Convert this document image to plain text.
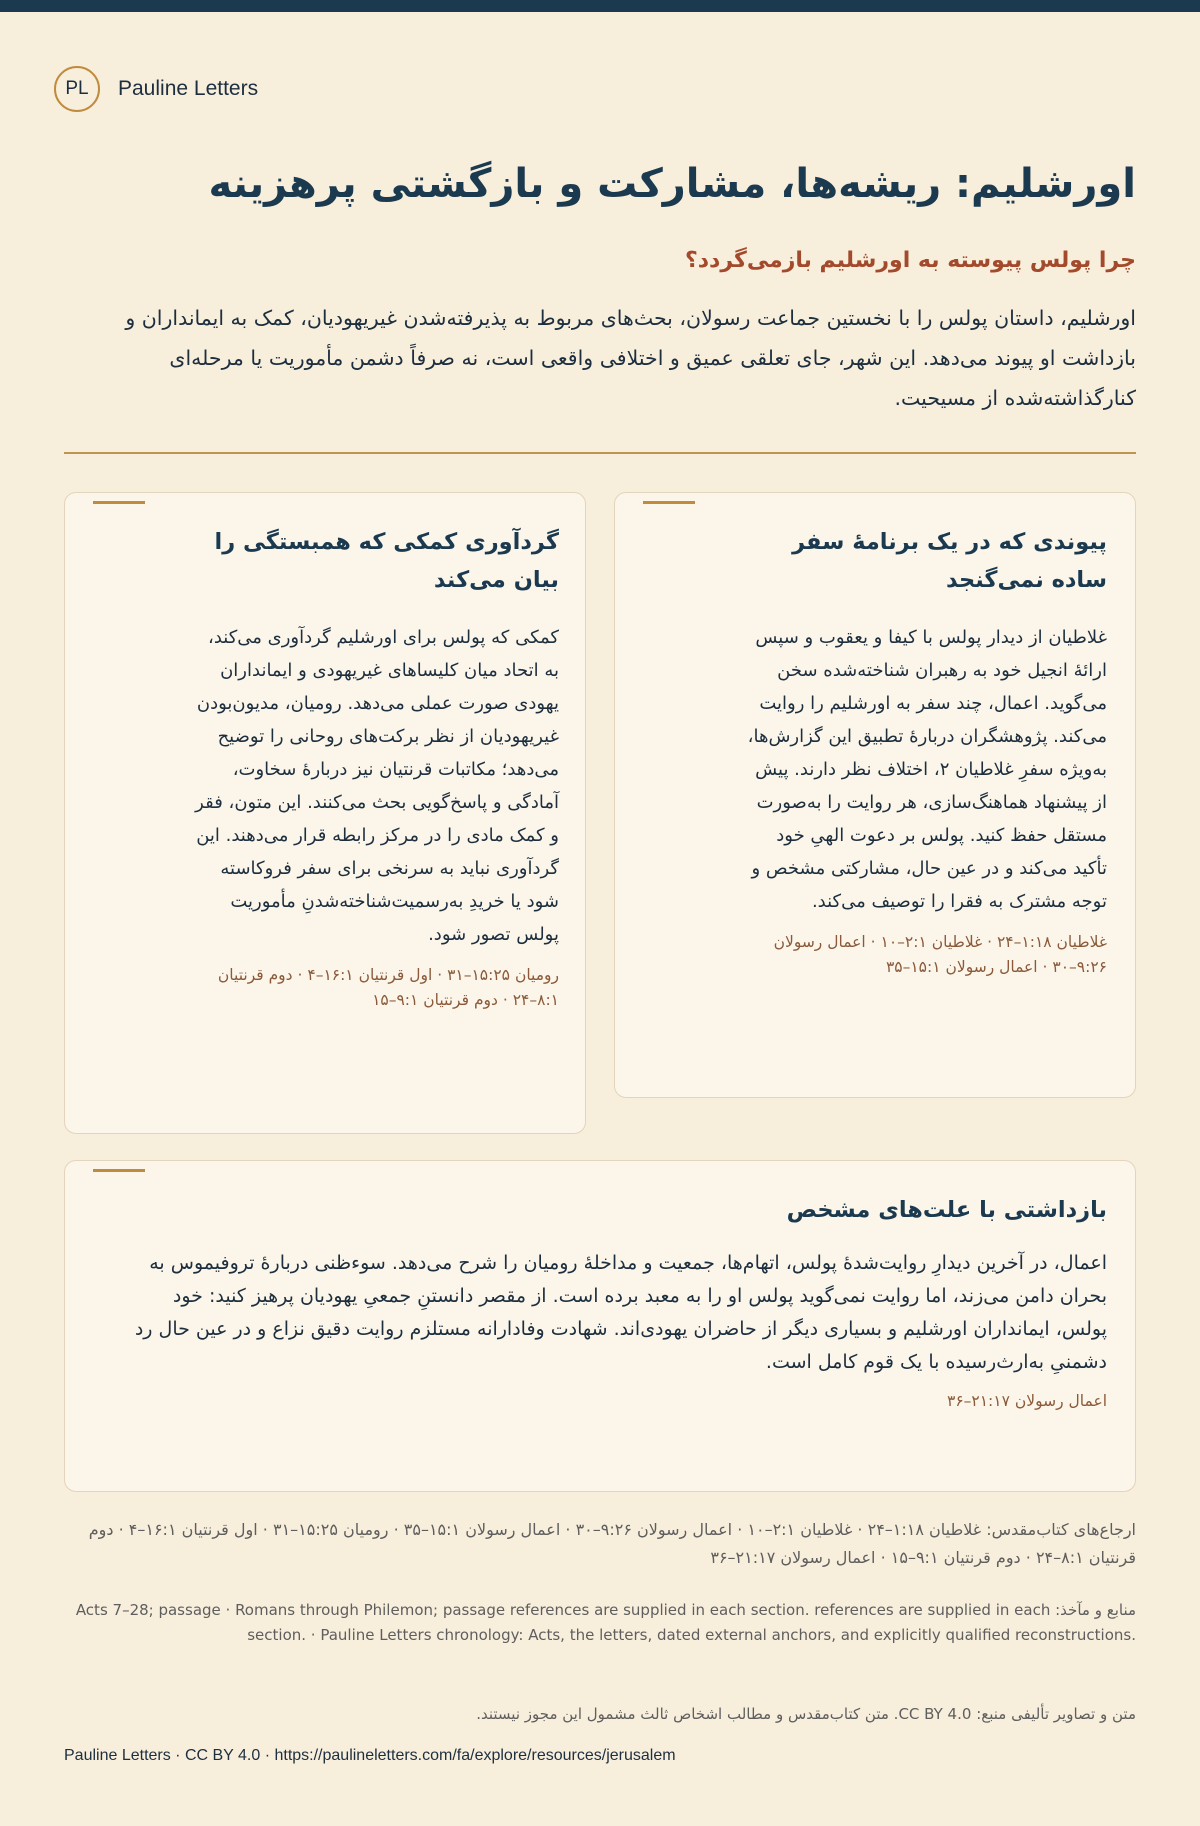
PL	Pauline Letters
اورشلیم: ریشه‌ها، مشارکت و بازگشتی پرهزینه
چرا پولس پیوسته به اورشلیم بازمی‌گردد؟

اورشلیم، داستان پولس را با نخستین جماعت رسولان، بحث‌های مربوط به پذیرفته‌شدن غیریهودیان، کمک به ایمانداران و بازداشت او پیوند می‌دهد. این شهر، جای تعلقی عمیق و اختلافی واقعی است، نه صرفاً دشمن مأموریت یا مرحله‌ای کنارگذاشته‌شده از مسیحیت.

پیوندی که در یک برنامهٔ سفر ساده نمی‌گنجد

غلاطیان از دیدار پولس با کیفا و یعقوب و سپس ارائهٔ انجیل خود به رهبران شناخته‌شده سخن می‌گوید. اعمال، چند سفر به اورشلیم را روایت می‌کند. پژوهشگران دربارهٔ تطبیق این گزارش‌ها، به‌ویژه سفرِ غلاطیان ۲، اختلاف نظر دارند. پیش از پیشنهاد هماهنگ‌سازی، هر روایت را به‌صورت مستقل حفظ کنید. پولس بر دعوت الهیِ خود تأکید می‌کند و در عین حال، مشارکتی مشخص و توجه مشترک به فقرا را توصیف می‌کند.

غلاطیان ۱:۱۸–۲۴ · غلاطیان ۲:۱–۱۰ · اعمال رسولان ۹:۲۶–۳۰ · اعمال رسولان ۱۵:۱–۳۵

گردآوری کمکی که همبستگی را بیان می‌کند

کمکی که پولس برای اورشلیم گردآوری می‌کند، به اتحاد میان کلیساهای غیریهودی و ایمانداران یهودی صورت عملی می‌دهد. رومیان، مدیون‌بودن غیریهودیان از نظر برکت‌های روحانی را توضیح می‌دهد؛ مکاتبات قرنتیان نیز دربارهٔ سخاوت، آمادگی و پاسخ‌گویی بحث می‌کنند. این متون، فقر و کمک مادی را در مرکز رابطه قرار می‌دهند. این گردآوری نباید به سرنخی برای سفر فروکاسته شود یا خریدِ به‌رسمیت‌شناخته‌شدنِ مأموریت پولس تصور شود.

رومیان ۱۵:۲۵–۳۱ · اول قرنتیان ۱۶:۱–۴ · دوم قرنتیان ۸:۱–۲۴ · دوم قرنتیان ۹:۱–۱۵

بازداشتی با علت‌های مشخص

اعمال، در آخرین دیدارِ روایت‌شدهٔ پولس، اتهام‌ها، جمعیت و مداخلهٔ رومیان را شرح می‌دهد. سوءظنی دربارهٔ تروفیموس به بحران دامن می‌زند، اما روایت نمی‌گوید پولس او را به معبد برده است. از مقصر دانستنِ جمعیِ یهودیان پرهیز کنید: خود پولس، ایمانداران اورشلیم و بسیاری دیگر از حاضران یهودی‌اند. شهادت وفادارانه مستلزم روایت دقیق نزاع و در عین حال رد دشمنیِ به‌ارث‌رسیده با یک قوم کامل است.

اعمال رسولان ۲۱:۱۷–۳۶

ارجاع‌های کتاب‌مقدس: غلاطیان ۱:۱۸–۲۴ · غلاطیان ۲:۱–۱۰ · اعمال رسولان ۹:۲۶–۳۰ · اعمال رسولان ۱۵:۱–۳۵ · رومیان ۱۵:۲۵–۳۱ · اول قرنتیان ۱۶:۱–۴ · دوم قرنتیان ۸:۱–۲۴ · دوم قرنتیان ۹:۱–۱۵ · اعمال رسولان ۲۱:۱۷–۳۶

منابع و مآخذ: Acts 7–28; passage · Romans through Philemon; passage references are supplied in each section. references are supplied in each section. · Pauline Letters chronology: Acts, the letters, dated external anchors, and explicitly qualified reconstructions.

متن و تصاویر تألیفی منبع: CC BY 4.0. متن کتاب‌مقدس و مطالب اشخاص ثالث مشمول این مجوز نیستند.

Pauline Letters · CC BY 4.0 · https://paulineletters.com/fa/explore/resources/jerusalem
